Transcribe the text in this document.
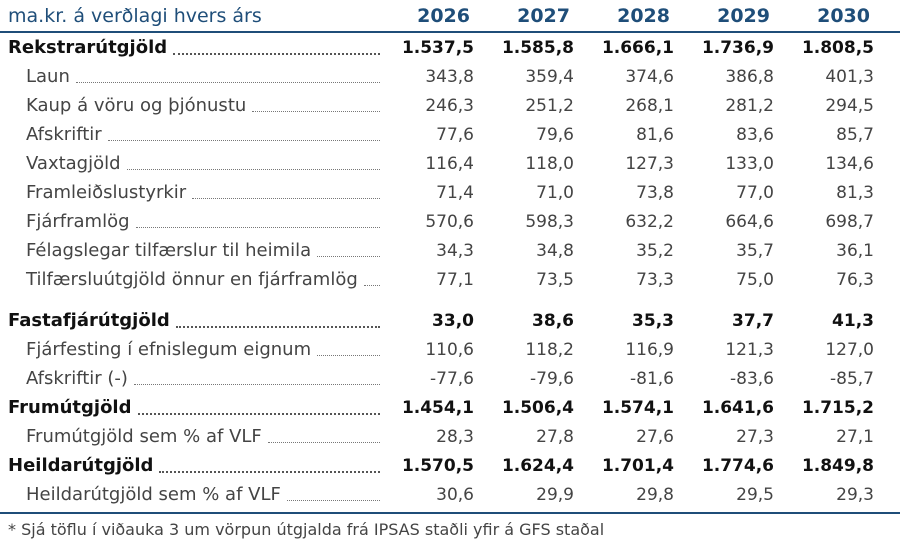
ma.kr. á verðlagi hvers árs	2026	2027	2028	2029	2030
Rekstrarútgjöld	1.537,5	1.585,8	1.666,1	1.736,9	1.808,5
Laun	343,8	359,4	374,6	386,8	401,3
Kaup á vöru og þjónustu	246,3	251,2	268,1	281,2	294,5
Afskriftir	77,6	79,6	81,6	83,6	85,7
Vaxtagjöld	116,4	118,0	127,3	133,0	134,6
Framleiðslustyrkir	71,4	71,0	73,8	77,0	81,3
Fjárframlög	570,6	598,3	632,2	664,6	698,7
Félagslegar tilfærslur til heimila	34,3	34,8	35,2	35,7	36,1
Tilfærsluútgjöld önnur en fjárframlög	77,1	73,5	73,3	75,0	76,3
Fastafjárútgjöld	33,0	38,6	35,3	37,7	41,3
Fjárfesting í efnislegum eignum	110,6	118,2	116,9	121,3	127,0
Afskriftir (-)	-77,6	-79,6	-81,6	-83,6	-85,7
Frumútgjöld	1.454,1	1.506,4	1.574,1	1.641,6	1.715,2
Frumútgjöld sem % af VLF	28,3	27,8	27,6	27,3	27,1
Heildarútgjöld	1.570,5	1.624,4	1.701,4	1.774,6	1.849,8
Heildarútgjöld sem % af VLF	30,6	29,9	29,8	29,5	29,3
* Sjá töflu í viðauka 3 um vörpun útgjalda frá IPSAS staðli yfir á GFS staðal
